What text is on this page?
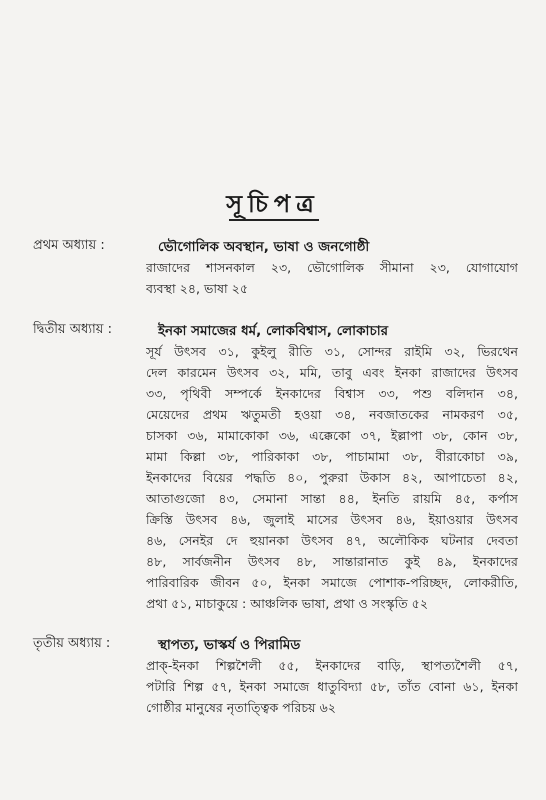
সূচিপত্র
প্রথম অধ্যায় :	ভৌগোলিক অবস্থান, ভাষা ও জনগোষ্ঠী
রাজাদের শাসনকাল ২৩, ভৌগোলিক সীমানা ২৩, যোগাযোগ
ব্যবস্থা ২৪, ভাষা ২৫
দ্বিতীয় অধ্যায় :	ইনকা সমাজের ধর্ম, লোকবিশ্বাস, লোকাচার
সূর্য উৎসব ৩১, কুইলু রীতি ৩১, সোন্দর রাইমি ৩২, ভিরথেন
দেল কারমেন উৎসব ৩২, মমি, তাবু এবং ইনকা রাজাদের উৎসব
৩৩, পৃথিবী সম্পর্কে ইনকাদের বিশ্বাস ৩৩, পশু বলিদান ৩৪,
মেয়েদের প্রথম ঋতুমতী হওয়া ৩৪, নবজাতকের নামকরণ ৩৫,
চাসকা ৩৬, মামাকোকা ৩৬, এক্কেকো ৩৭, ইল্লাপা ৩৮, কোন ৩৮,
মামা কিল্লা ৩৮, পারিকাকা ৩৮, পাচামামা ৩৮, বীরাকোচা ৩৯,
ইনকাদের বিয়ের পদ্ধতি ৪০, পুরুরা উকাস ৪২, আপাচেতা ৪২,
আতাগুজো ৪৩, সেমানা সান্তা ৪৪, ইনতি রায়মি ৪৫, কর্পাস
ক্রিস্তি উৎসব ৪৬, জুলাই মাসের উৎসব ৪৬, ইয়াওয়ার উৎসব
৪৬, সেনইর দে হুয়ানকা উৎসব ৪৭, অলৌকিক ঘটনার দেবতা
৪৮, সার্বজনীন উৎসব ৪৮, সান্তারানাত কুই ৪৯, ইনকাদের
পারিবারিক জীবন ৫০, ইনকা সমাজে পোশাক-পরিচ্ছদ, লোকরীতি,
প্রথা ৫১, মাচাকুয়ে : আঞ্চলিক ভাষা, প্রথা ও সংস্কৃতি ৫২
তৃতীয় অধ্যায় :	স্থাপত্য, ভাস্কর্য ও পিরামিড
প্রাক্-ইনকা শিল্পশৈলী ৫৫, ইনকাদের বাড়ি, স্থাপত্যশৈলী ৫৭,
পটারি শিল্প ৫৭, ইনকা সমাজে ধাতুবিদ্যা ৫৮, তাঁত বোনা ৬১, ইনকা
গোষ্ঠীর মানুষের নৃতাত্ত্বিক পরিচয় ৬২
